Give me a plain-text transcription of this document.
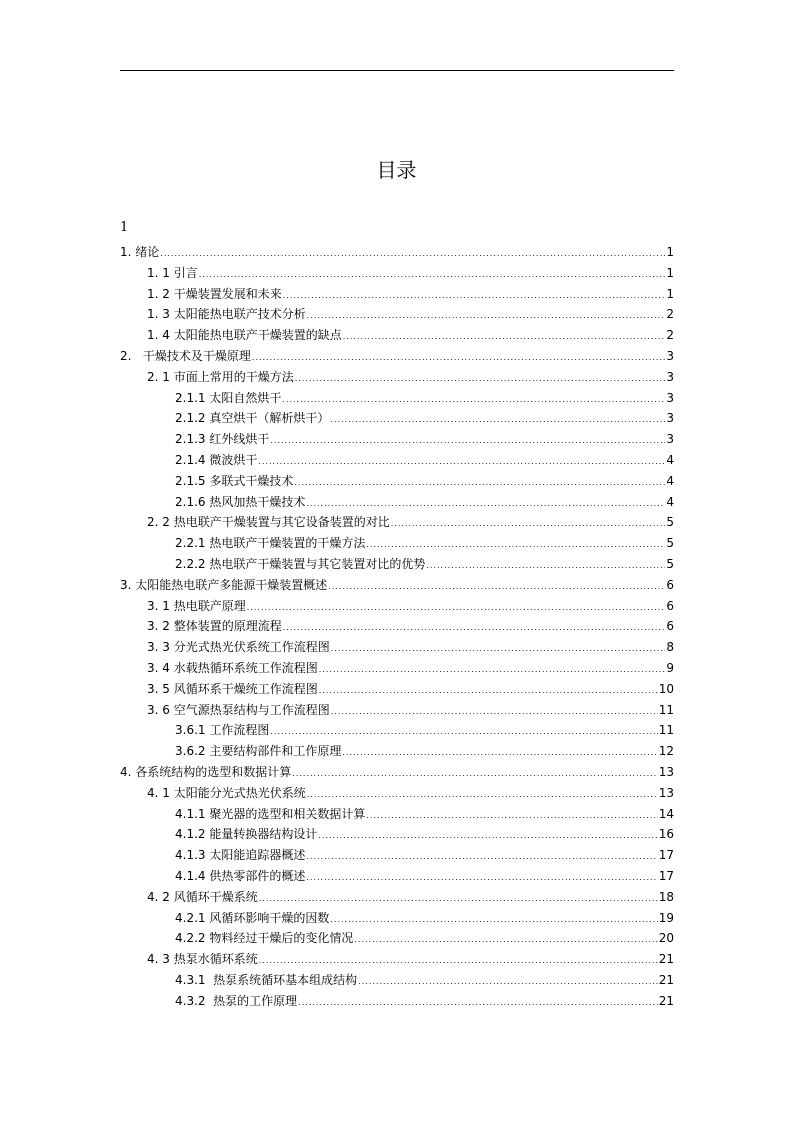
目录
1
1. 绪论 .....	1
1. 1 引言 .....	1
1. 2 干燥装置发展和未来 .....	1
1. 3 太阳能热电联产技术分析 .....	2
1. 4 太阳能热电联产干燥装置的缺点 .....	2
2. 干燥技术及干燥原理 .....	3
2. 1 市面上常用的干燥方法 .....	3
2.1.1 太阳自然烘干 .....	3
2.1.2 真空烘干（解析烘干） .....	3
2.1.3 红外线烘干 .....	3
2.1.4 微波烘干 .....	4
2.1.5 多联式干燥技术 .....	4
2.1.6 热风加热干燥技术 .....	4
2. 2 热电联产干燥装置与其它设备装置的对比 .....	5
2.2.1 热电联产干燥装置的干燥方法 .....	5
2.2.2 热电联产干燥装置与其它装置对比的优势 .....	5
3. 太阳能热电联产多能源干燥装置概述 .....	6
3. 1 热电联产原理 .....	6
3. 2 整体装置的原理流程 .....	6
3. 3 分光式热光伏系统工作流程图 .....	8
3. 4 水载热循环系统工作流程图 .....	9
3. 5 风循环系干燥统工作流程图 .....	10
3. 6 空气源热泵结构与工作流程图 .....	11
3.6.1 工作流程图 .....	11
3.6.2 主要结构部件和工作原理 .....	12
4. 各系统结构的选型和数据计算 .....	13
4. 1 太阳能分光式热光伏系统 .....	13
4.1.1 聚光器的选型和相关数据计算 .....	14
4.1.2 能量转换器结构设计 .....	16
4.1.3 太阳能追踪器概述 .....	17
4.1.4 供热零部件的概述 .....	17
4. 2 风循环干燥系统 .....	18
4.2.1 风循环影响干燥的因数 .....	19
4.2.2 物料经过干燥后的变化情况 .....	20
4. 3 热泵水循环系统 .....	21
4.3.1 热泵系统循环基本组成结构 .....	21
4.3.2 热泵的工作原理 .....	21
